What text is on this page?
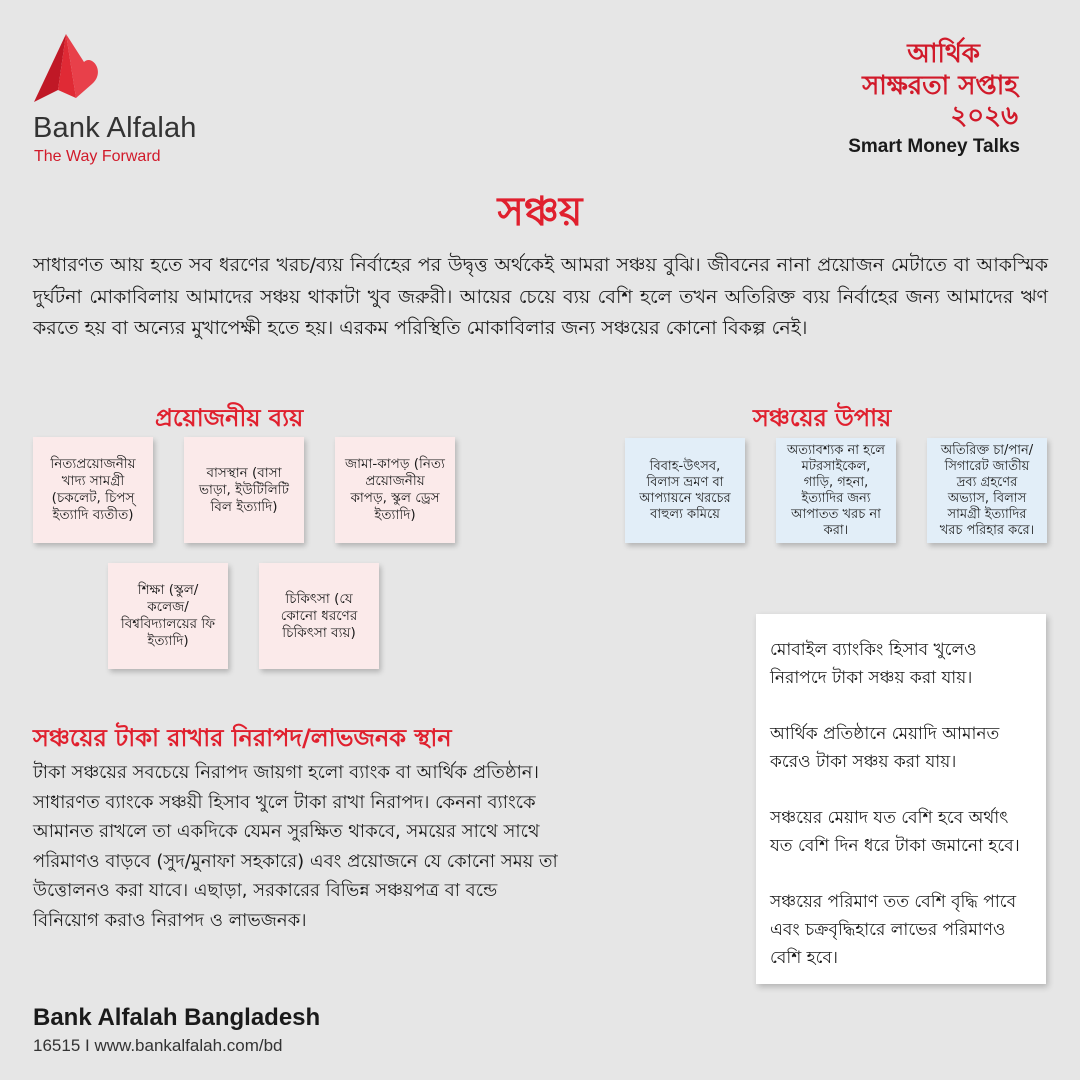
Bank Alfalah
The Way Forward
আর্থিক
সাক্ষরতা সপ্তাহ
২০২৬
Smart Money Talks
সঞ্চয়
সাধারণত আয় হতে সব ধরণের খরচ/ব্যয় নির্বাহের পর উদ্বৃত্ত অর্থকেই আমরা সঞ্চয় বুঝি। জীবনের নানা প্রয়োজন মেটাতে বা আকস্মিক দুর্ঘটনা মোকাবিলায় আমাদের সঞ্চয় থাকাটা খুব জরুরী। আয়ের চেয়ে ব্যয় বেশি হলে তখন অতিরিক্ত ব্যয় নির্বাহের জন্য আমাদের ঋণ করতে হয় বা অন্যের মুখাপেক্ষী হতে হয়। এরকম পরিস্থিতি মোকাবিলার জন্য সঞ্চয়ের কোনো বিকল্প নেই।
প্রয়োজনীয় ব্যয়
নিত্যপ্রয়োজনীয় খাদ্য সামগ্রী (চকলেট, চিপস্‌ ইত্যাদি ব্যতীত)
বাসস্থান (বাসা ভাড়া, ইউটিলিটি বিল ইত্যাদি)
জামা-কাপড় (নিত্য প্রয়োজনীয় কাপড়, স্কুল ড্রেস ইত্যাদি)
শিক্ষা (স্কুল/ কলেজ/ বিশ্ববিদ্যালয়ের ফি ইত্যাদি)
চিকিৎসা (যে কোনো ধরণের চিকিৎসা ব্যয়)
সঞ্চয়ের উপায়
বিবাহ-উৎসব, বিলাস ভ্রমণ বা আপ্যায়নে খরচের বাহুল্য কমিয়ে
অত্যাবশ্যক না হলে মটরসাইকেল, গাড়ি, গহনা, ইত্যাদির জন্য আপাতত খরচ না করা।
অতিরিক্ত চা/পান/ সিগারেট জাতীয় দ্রব্য গ্রহণের অভ্যাস, বিলাস সামগ্রী ইত্যাদির খরচ পরিহার করে।
সঞ্চয়ের টাকা রাখার নিরাপদ/লাভজনক স্থান
টাকা সঞ্চয়ের সবচেয়ে নিরাপদ জায়গা হলো ব্যাংক বা আর্থিক প্রতিষ্ঠান। সাধারণত ব্যাংকে সঞ্চয়ী হিসাব খুলে টাকা রাখা নিরাপদ। কেননা ব্যাংকে আমানত রাখলে তা একদিকে যেমন সুরক্ষিত থাকবে, সময়ের সাথে সাথে পরিমাণও বাড়বে (সুদ/মুনাফা সহকারে) এবং প্রয়োজনে যে কোনো সময় তা উত্তোলনও করা যাবে। এছাড়া, সরকারের বিভিন্ন সঞ্চয়পত্র বা বন্ডে বিনিয়োগ করাও নিরাপদ ও লাভজনক।

মোবাইল ব্যাংকিং হিসাব খুলেও নিরাপদে টাকা সঞ্চয় করা যায়।

আর্থিক প্রতিষ্ঠানে মেয়াদি আমানত করেও টাকা সঞ্চয় করা যায়।

সঞ্চয়ের মেয়াদ যত বেশি হবে অর্থাৎ যত বেশি দিন ধরে টাকা জমানো হবে।

সঞ্চয়ের পরিমাণ তত বেশি বৃদ্ধি পাবে এবং চক্রবৃদ্ধিহারে লাভের পরিমাণও বেশি হবে।

Bank Alfalah Bangladesh
16515 I www.bankalfalah.com/bd
